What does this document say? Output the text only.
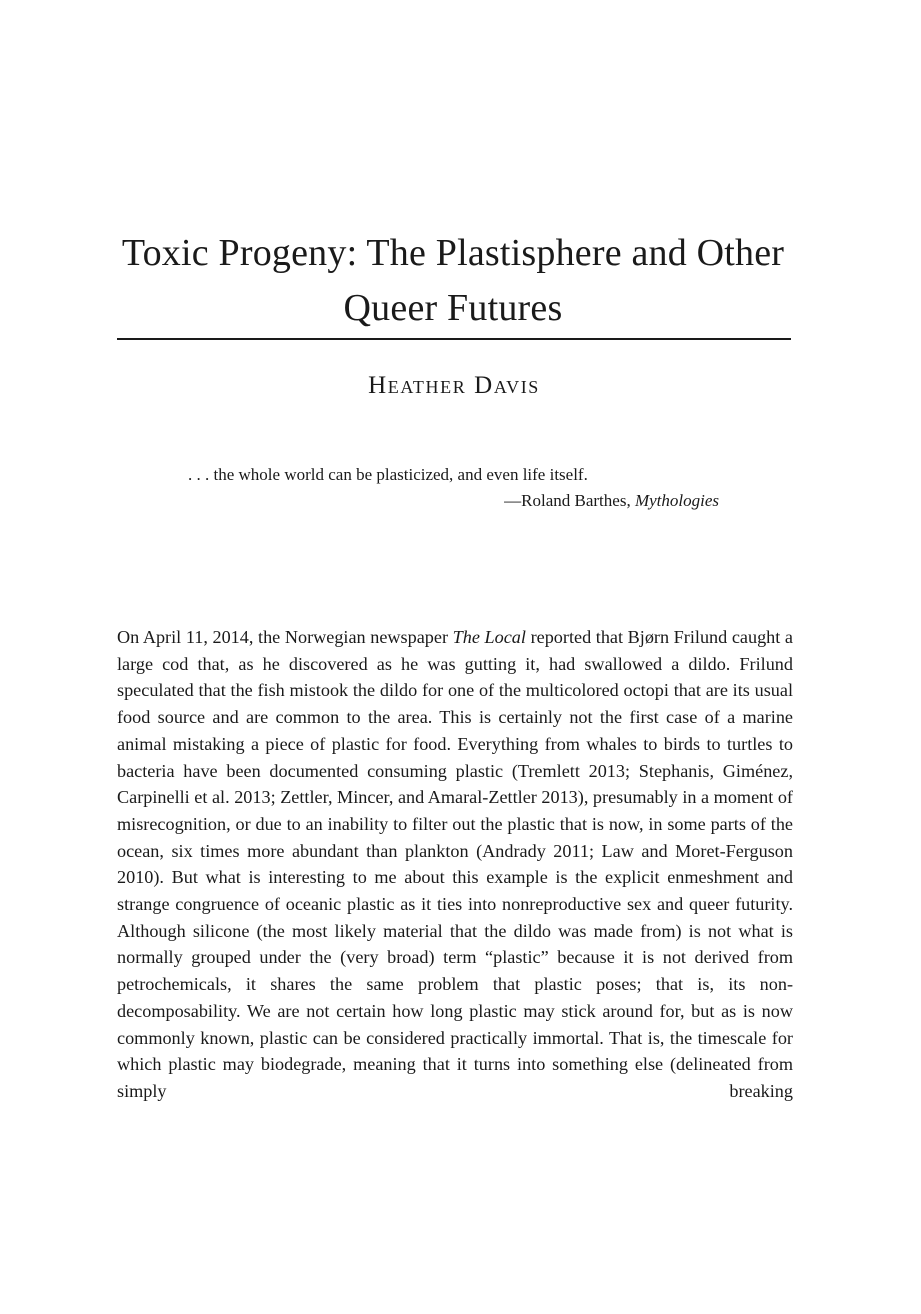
Toxic Progeny: The Plastisphere and Other
Queer Futures
Heather Davis
. . . the whole world can be plasticized, and even life itself.
—Roland Barthes, Mythologies

On April 11, 2014, the Norwegian newspaper The Local reported that Bjørn Frilund caught a large cod that, as he discovered as he was gutting it, had swallowed a dildo. Frilund speculated that the fish mistook the dildo for one of the multicolored octopi that are its usual food source and are common to the area. This is certainly not the first case of a marine animal mistaking a piece of plastic for food. Everything from whales to birds to turtles to bacteria have been documented consuming plastic (Tremlett 2013; Stephanis, Giménez, Carpinelli et al. 2013; Zettler, Mincer, and Amaral-Zettler 2013), presumably in a moment of misrecognition, or due to an inability to filter out the plastic that is now, in some parts of the ocean, six times more abundant than plankton (Andrady 2011; Law and Moret-Ferguson 2010). But what is interesting to me about this example is the explicit enmeshment and strange congruence of oceanic plastic as it ties into nonreproductive sex and queer futurity. Although silicone (the most likely material that the dildo was made from) is not what is normally grouped under the (very broad) term “plastic” because it is not derived from petrochemicals, it shares the same problem that plastic poses; that is, its non-decomposability. We are not certain how long plastic may stick around for, but as is now commonly known, plastic can be considered practically immortal. That is, the timescale for which plastic may biodegrade, meaning that it turns into something else (delineated from simply breaking
